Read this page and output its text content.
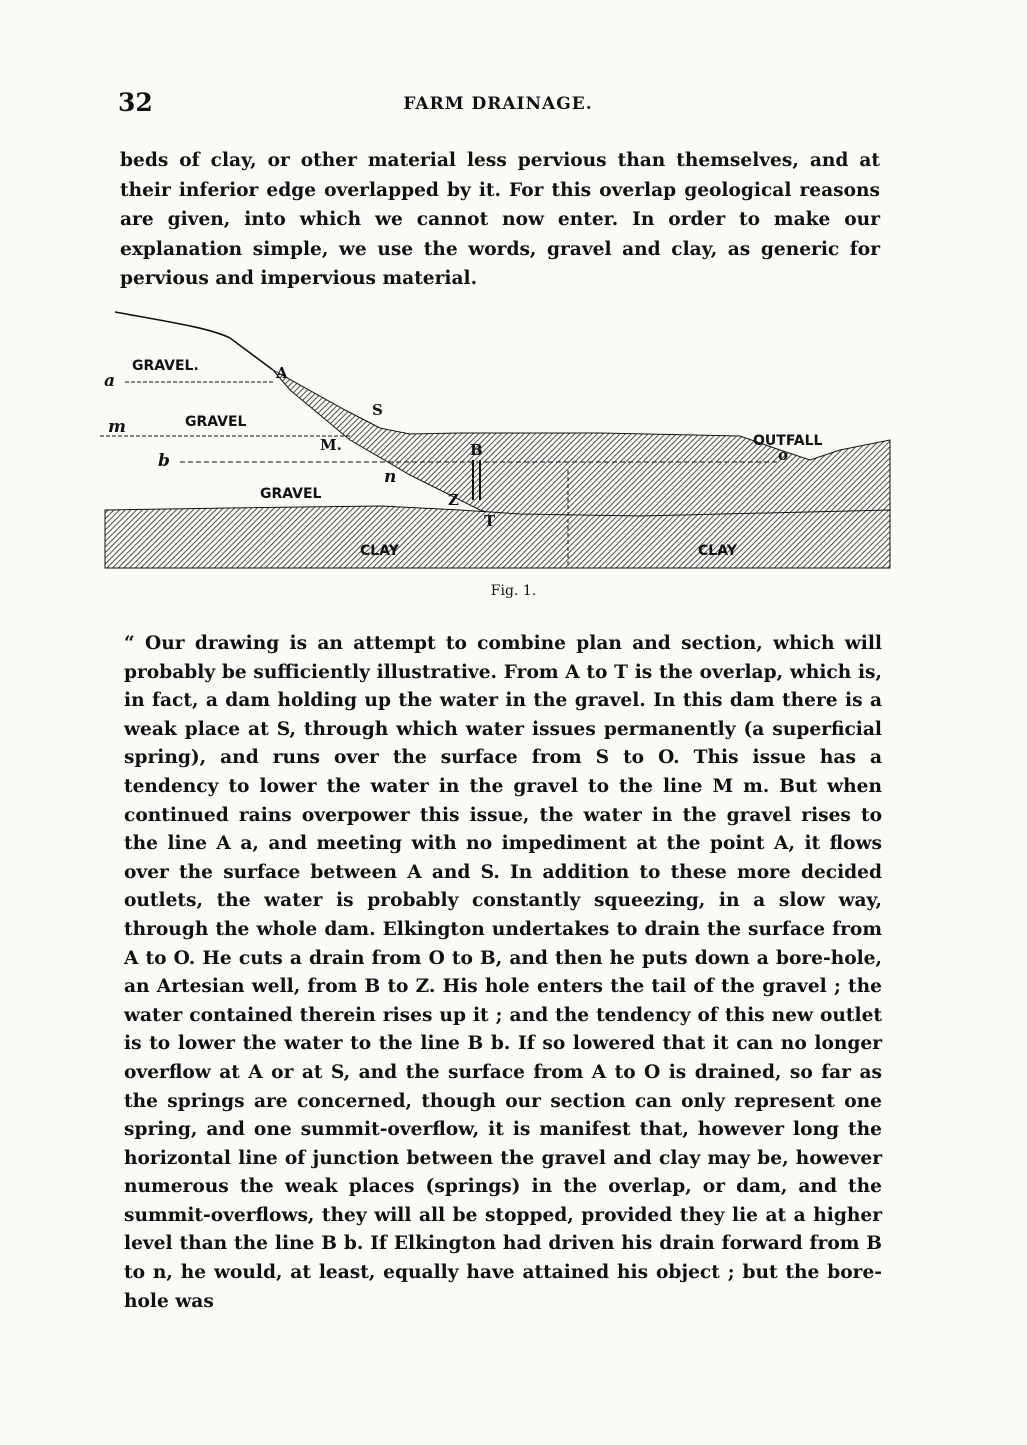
32	FARM DRAINAGE.
beds of clay, or other material less pervious than themselves, and at their inferior edge overlapped by it. For this overlap geological reasons are given, into which we cannot now enter. In order to make our explanation simple, we use the words, gravel and clay, as generic for pervious and impervious material.
GRAVEL.
GRAVEL
GRAVEL
CLAY	CLAY
OUTFALL
A
a
M.
m
B
b
S
n
Z
T
o
Fig. 1.
“ Our drawing is an attempt to combine plan and section, which will probably be sufficiently illustrative. From A to T is the overlap, which is, in fact, a dam holding up the water in the gravel. In this dam there is a weak place at S, through which water issues permanently (a superficial spring), and runs over the surface from S to O. This issue has a tendency to lower the water in the gravel to the line M m. But when continued rains overpower this issue, the water in the gravel rises to the line A a, and meeting with no impediment at the point A, it flows over the surface between A and S. In addition to these more decided outlets, the water is probably constantly squeezing, in a slow way, through the whole dam. Elkington undertakes to drain the surface from A to O. He cuts a drain from O to B, and then he puts down a bore-hole, an Artesian well, from B to Z. His hole enters the tail of the gravel ; the water contained therein rises up it ; and the tendency of this new outlet is to lower the water to the line B b. If so lowered that it can no longer overflow at A or at S, and the surface from A to O is drained, so far as the springs are concerned, though our section can only represent one spring, and one summit-overflow, it is manifest that, however long the horizontal line of junction between the gravel and clay may be, however numerous the weak places (springs) in the overlap, or dam, and the summit-overflows, they will all be stopped, provided they lie at a higher level than the line B b. If Elkington had driven his drain forward from B to n, he would, at least, equally have attained his object ; but the bore-hole was
